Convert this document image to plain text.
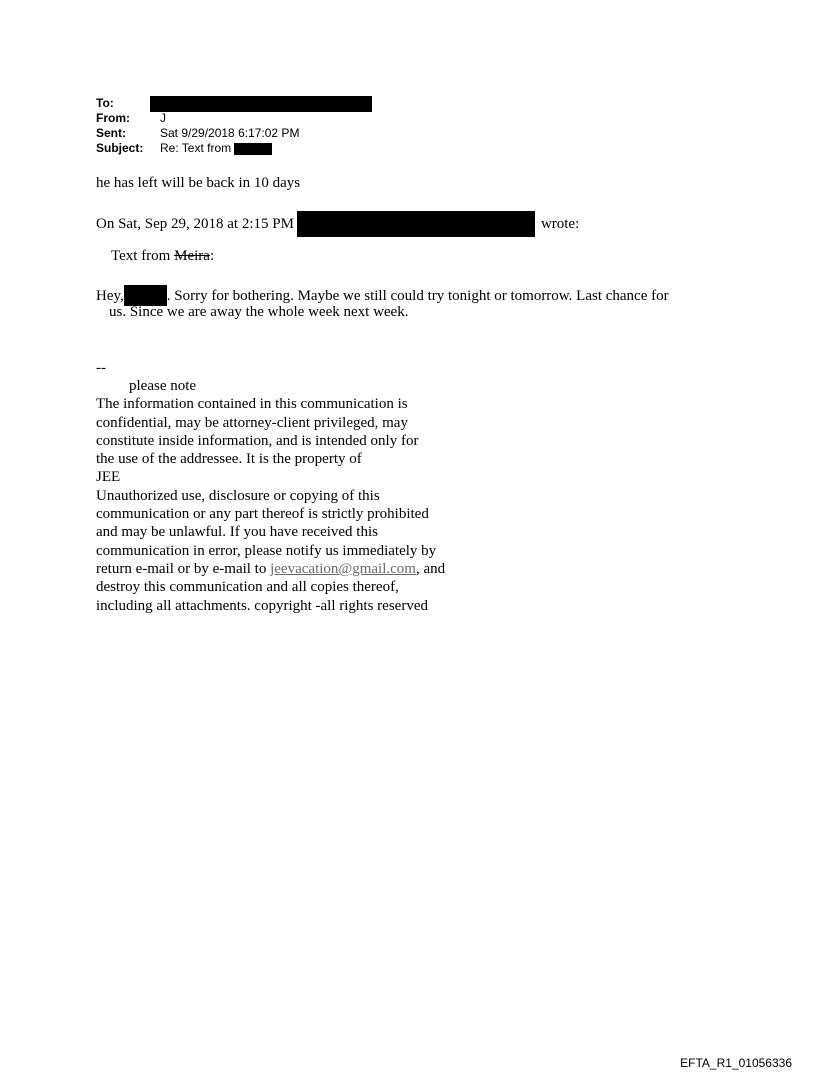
To:
From:	J
Sent:	Sat 9/29/2018 6:17:02 PM
Subject:	Re: Text from
he has left will be back in 10 days
On Sat, Sep 29, 2018 at 2:15 PM	wrote:
Text from Meira:
Hey,	. Sorry for bothering. Maybe we still could try tonight or tomorrow. Last chance for
us. Since we are away the whole week next week.
--
please note
The information contained in this communication is
confidential, may be attorney-client privileged, may
constitute inside information, and is intended only for
the use of the addressee. It is the property of
JEE
Unauthorized use, disclosure or copying of this
communication or any part thereof is strictly prohibited
and may be unlawful. If you have received this
communication in error, please notify us immediately by
return e-mail or by e-mail to jeevacation@gmail.com, and
destroy this communication and all copies thereof,
including all attachments. copyright -all rights reserved
EFTA_R1_01056336
